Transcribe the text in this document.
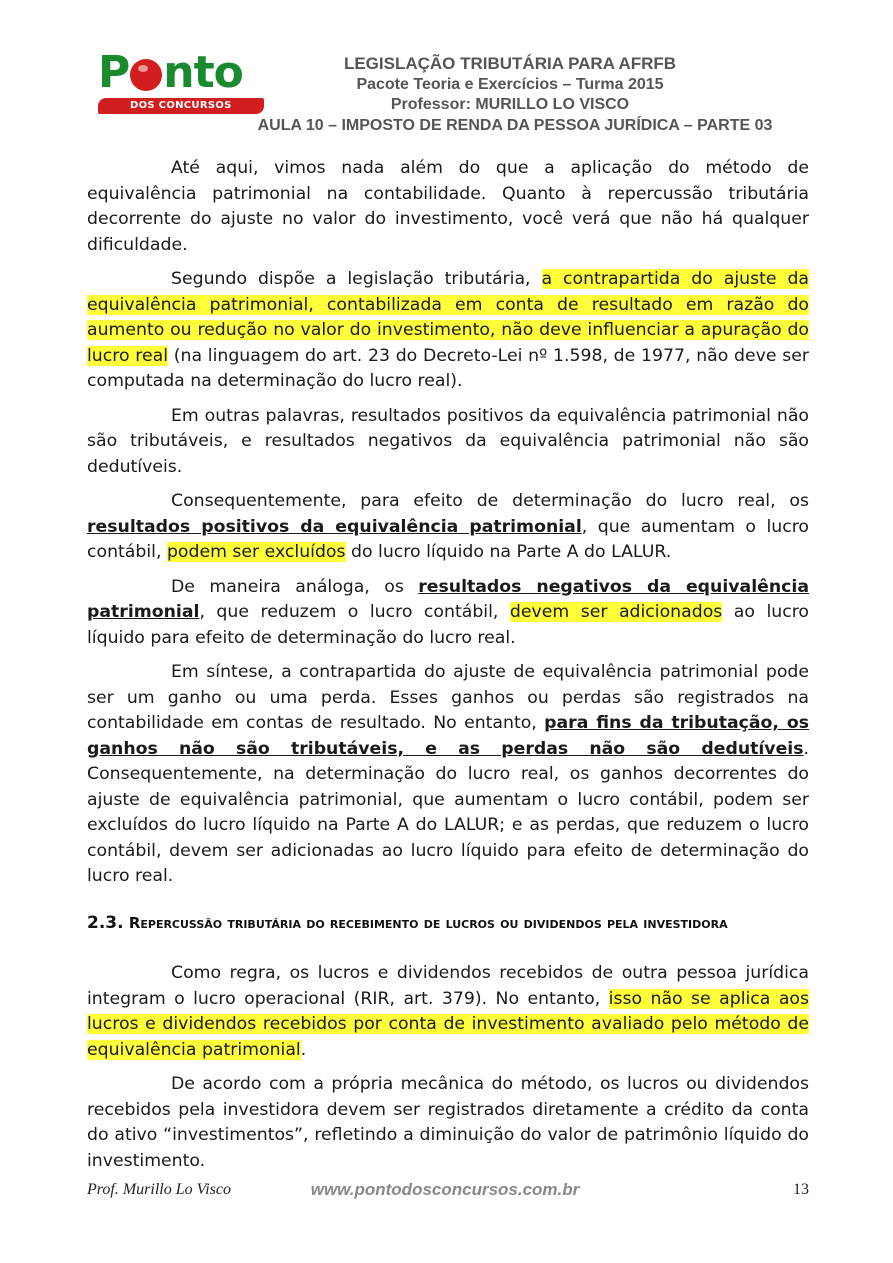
P nto
DOS CONCURSOS
LEGISLAÇÃO TRIBUTÁRIA PARA AFRFB
Pacote Teoria e Exercícios – Turma 2015
Professor: MURILLO LO VISCO
AULA 10 – IMPOSTO DE RENDA DA PESSOA JURÍDICA – PARTE 03

Até aqui, vimos nada além do que a aplicação do método de equivalência patrimonial na contabilidade. Quanto à repercussão tributária decorrente do ajuste no valor do investimento, você verá que não há qualquer dificuldade.

Segundo dispõe a legislação tributária, a contrapartida do ajuste da equivalência patrimonial, contabilizada em conta de resultado em razão do aumento ou redução no valor do investimento, não deve influenciar a apuração do lucro real (na linguagem do art. 23 do Decreto-Lei nº 1.598, de 1977, não deve ser computada na determinação do lucro real).

Em outras palavras, resultados positivos da equivalência patrimonial não são tributáveis, e resultados negativos da equivalência patrimonial não são dedutíveis.

Consequentemente, para efeito de determinação do lucro real, os resultados positivos da equivalência patrimonial, que aumentam o lucro contábil, podem ser excluídos do lucro líquido na Parte A do LALUR.

De maneira análoga, os resultados negativos da equivalência patrimonial, que reduzem o lucro contábil, devem ser adicionados ao lucro líquido para efeito de determinação do lucro real.

Em síntese, a contrapartida do ajuste de equivalência patrimonial pode ser um ganho ou uma perda. Esses ganhos ou perdas são registrados na contabilidade em contas de resultado. No entanto, para fins da tributação, os ganhos não são tributáveis, e as perdas não são dedutíveis. Consequentemente, na determinação do lucro real, os ganhos decorrentes do ajuste de equivalência patrimonial, que aumentam o lucro contábil, podem ser excluídos do lucro líquido na Parte A do LALUR; e as perdas, que reduzem o lucro contábil, devem ser adicionadas ao lucro líquido para efeito de determinação do lucro real.

2.3. Repercussão tributária do recebimento de lucros ou dividendos pela investidora

Como regra, os lucros e dividendos recebidos de outra pessoa jurídica integram o lucro operacional (RIR, art. 379). No entanto, isso não se aplica aos lucros e dividendos recebidos por conta de investimento avaliado pelo método de equivalência patrimonial.

De acordo com a própria mecânica do método, os lucros ou dividendos recebidos pela investidora devem ser registrados diretamente a crédito da conta do ativo “investimentos”, refletindo a diminuição do valor de patrimônio líquido do investimento.

Prof. Murillo Lo Visco	www.pontodosconcursos.com.br	13
